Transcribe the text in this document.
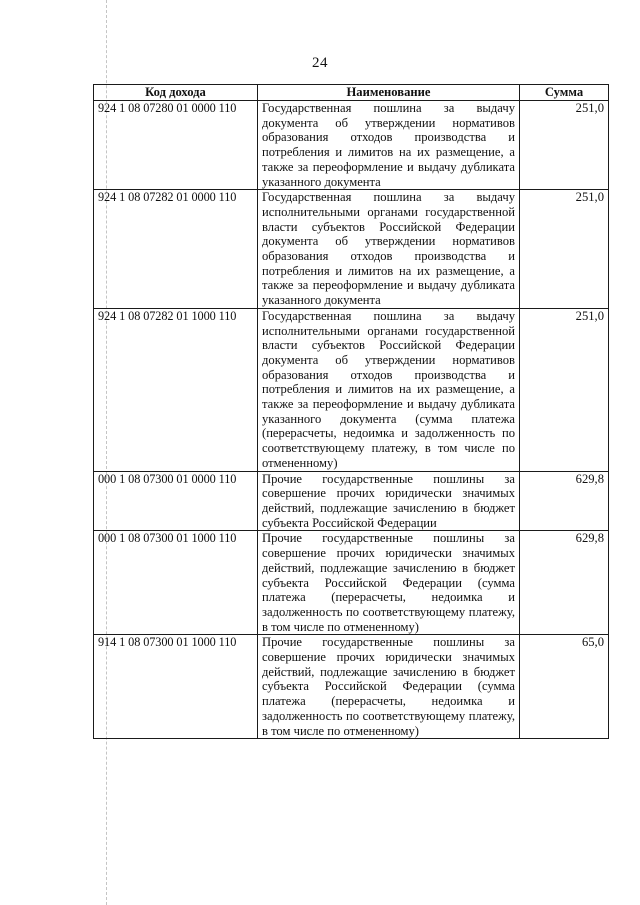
24
Код дохода	Наименование	Сумма
924 1 08 07280 01 0000 110	Государственная пошлина за выдачу документа об утверждении нормативов образования отходов производства и потребления и лимитов на их размещение, а также за переоформление и выдачу дубликата указанного документа	251,0
924 1 08 07282 01 0000 110	Государственная пошлина за выдачу исполнительными органами государственной власти субъектов Российской Федерации документа об утверждении нормативов образования отходов производства и потребления и лимитов на их размещение, а также за переоформление и выдачу дубликата указанного документа	251,0
924 1 08 07282 01 1000 110	Государственная пошлина за выдачу исполнительными органами государственной власти субъектов Российской Федерации документа об утверждении нормативов образования отходов производства и потребления и лимитов на их размещение, а также за переоформление и выдачу дубликата указанного документа (сумма платежа (перерасчеты, недоимка и задолженность по соответствующему платежу, в том числе по отмененному)	251,0
000 1 08 07300 01 0000 110	Прочие государственные пошлины за совершение прочих юридически значимых действий, подлежащие зачислению в бюджет субъекта Российской Федерации	629,8
000 1 08 07300 01 1000 110	Прочие государственные пошлины за совершение прочих юридически значимых действий, подлежащие зачислению в бюджет субъекта Российской Федерации (сумма платежа (перерасчеты, недоимка и задолженность по соответствующему платежу, в том числе по отмененному)	629,8
914 1 08 07300 01 1000 110	Прочие государственные пошлины за совершение прочих юридически значимых действий, подлежащие зачислению в бюджет субъекта Российской Федерации (сумма платежа (перерасчеты, недоимка и задолженность по соответствующему платежу, в том числе по отмененному)	65,0
